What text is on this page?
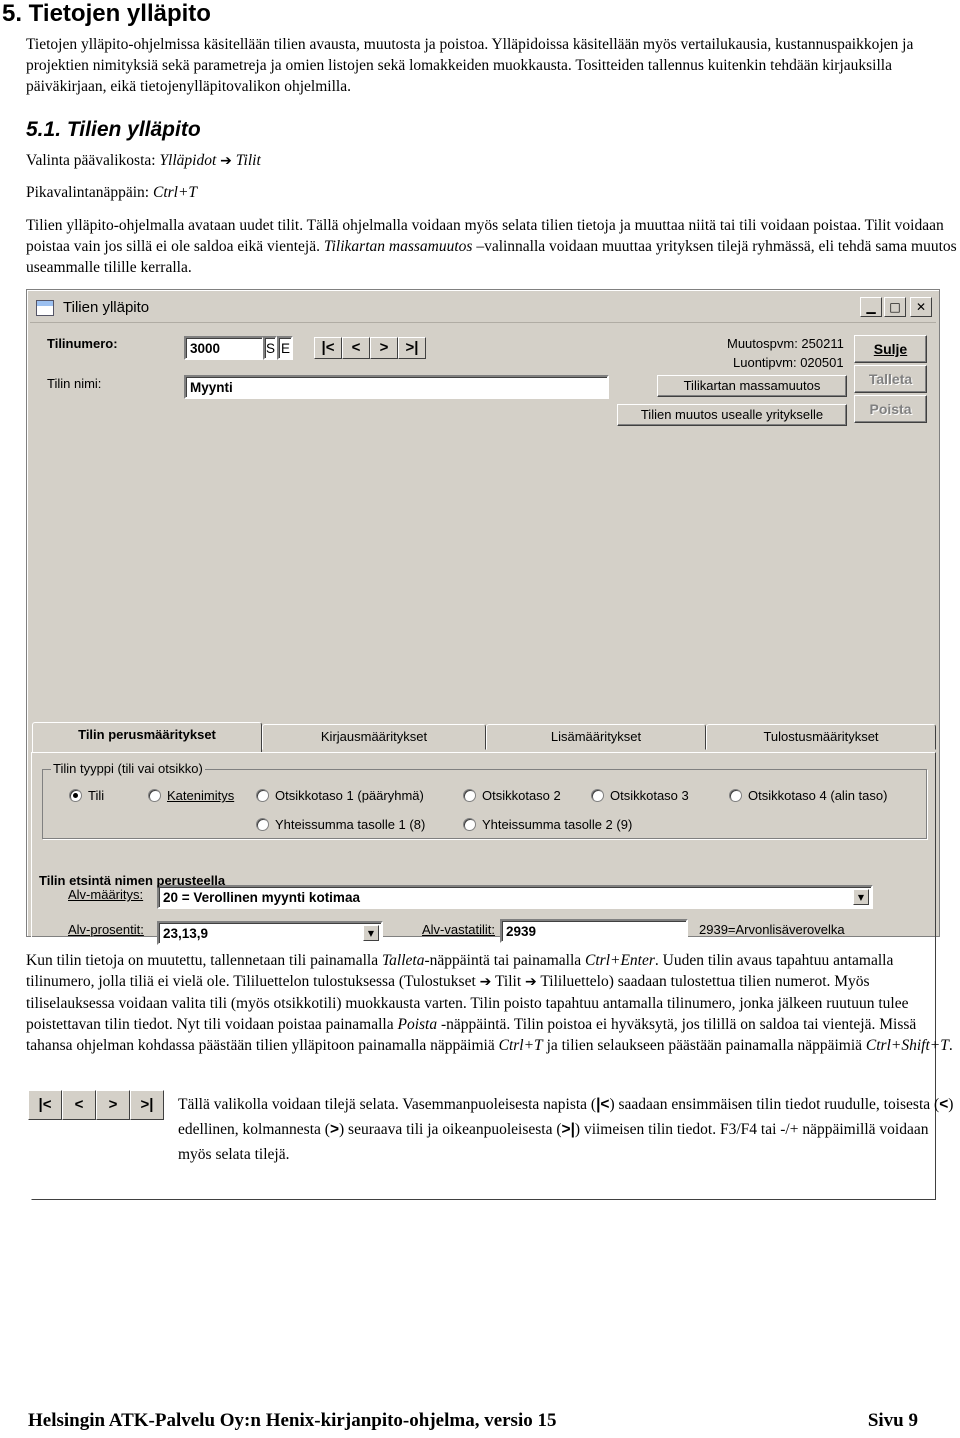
5. Tietojen ylläpito
Tietojen ylläpito-ohjelmissa käsitellään tilien avausta, muutosta ja poistoa. Ylläpidoissa käsitellään myös vertailukausia, kustannuspaikkojen ja projektien nimityksiä sekä parametreja ja omien listojen sekä lomakkeiden muokkausta. Tositteiden tallennus kuitenkin tehdään kirjauksilla päiväkirjaan, eikä tietojenylläpitovalikon ohjelmilla.
5.1. Tilien ylläpito
Valinta päävalikosta: Ylläpidot ➔ Tilit
Pikavalintanäppäin: Ctrl+T
Tilien ylläpito-ohjelmalla avataan uudet tilit. Tällä ohjelmalla voidaan myös selata tilien tietoja ja muuttaa niitä tai tili voidaan poistaa. Tilit voidaan poistaa vain jos sillä ei ole saldoa eikä vientejä. Tilikartan massamuutos –valinnalla voidaan muuttaa yrityksen tilejä ryhmässä, eli tehdä sama muutos useammalle tilille kerralla.
Tilien ylläpito	▁	□	✕
Tilinumero:	3000	S E	|<	<	>	>|	Muutospvm: 250211
Luontipvm: 020501
Sulje
Talleta
Poista
Tilin nimi:	Myynti	Tilikartan massamuutos
Tilien muutos usealle yritykselle
Tilin perusmääritykset	Kirjausmääritykset	Lisämääritykset	Tulostusmääritykset
Tilin tyyppi (tili vai otsikko)
Tili	Katenimitys	Otsikkotaso 1 (pääryhmä)	Otsikkotaso 2	Otsikkotaso 3	Otsikkotaso 4 (alin taso)
Yhteissumma tasolle 1 (8)	Yhteissumma tasolle 2 (9)
Alv-määritys:	20 = Verollinen myynti kotimaa	▼
Alv-prosentit:	23,13,9	▼	Alv-vastatilit: 2939	2939=Arvonlisäverovelka
Tilin etsintä nimen perusteella
Kun tilin tietoja on muutettu, tallennetaan tili painamalla Talleta-näppäintä tai painamalla Ctrl+Enter. Uuden tilin avaus tapahtuu antamalla tilinumero, jolla tiliä ei vielä ole. Tililuettelon tulostuksessa (Tulostukset ➔ Tilit ➔ Tililuettelo) saadaan tulostettua tilien numerot. Myös tiliselauksessa voidaan valita tili (myös otsikkotili) muokkausta varten. Tilin poisto tapahtuu antamalla tilinumero, jonka jälkeen ruutuun tulee poistettavan tilin tiedot. Nyt tili voidaan poistaa painamalla Poista -näppäintä. Tilin poistoa ei hyväksytä, jos tilillä on saldoa tai vientejä. Missä tahansa ohjelman kohdassa päästään tilien ylläpitoon painamalla näppäimiä Ctrl+T ja tilien selaukseen päästään painamalla näppäimiä Ctrl+Shift+T.
|<	<	>	>|	Tällä valikolla voidaan tilejä selata. Vasemmanpuoleisesta napista (|<) saadaan ensimmäisen tilin tiedot ruudulle, toisesta (<) edellinen, kolmannesta (>) seuraava tili ja oikeanpuoleisesta (>|) viimeisen tilin tiedot. F3/F4 tai -/+ näppäimillä voidaan myös selata tilejä.
Helsingin ATK-Palvelu Oy:n Henix-kirjanpito-ohjelma, versio 15	Sivu 9
